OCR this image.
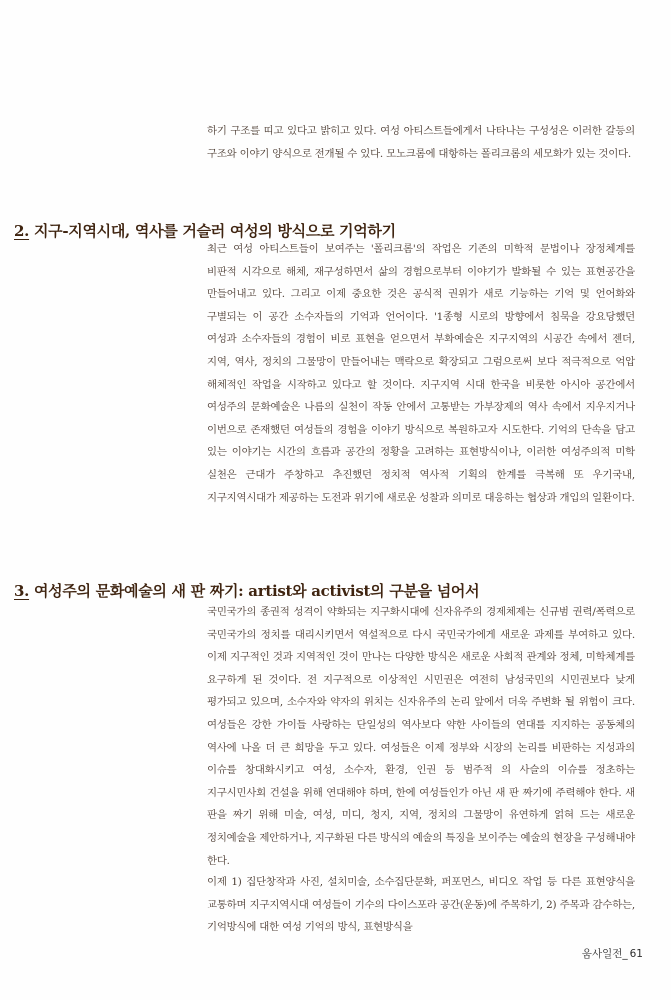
하기 구조를 띠고 있다고 밝히고 있다. 여성 아티스트들에게서 나타나는 구성성은 이러한 갈등의 구조와 이야기 양식으로 전개될 수 있다. 모노크롬에 대항하는 폴리크롬의 세모화가 있는 것이다.
2. 지구-지역시대, 역사를 거슬러 여성의 방식으로 기억하기
최근 여성 아티스트들이 보여주는 '폴리크롬'의 작업은 기존의 미학적 문법이나 장정체계를 비판적 시각으로 해체, 재구성하면서 삶의 경험으로부터 이야기가 발화될 수 있는 표현공간을 만들어내고 있다. 그리고 이제 중요한 것은 공식적 권위가 새로 기능하는 기억 및 언어화와 구별되는 이 공간 소수자들의 기억과 언어이다. '1종형 시로의 방향에서 침묵을 강요당했던 여성과 소수자들의 경험이 비로 표현을 얻으면서 부화예술은 지구지역의 시공간 속에서 젠더, 지역, 역사, 정치의 그물망이 만들어내는 맥락으로 확장되고 그럼으로써 보다 적극적으로 억압 해체적인 작업을 시작하고 있다고 할 것이다. 지구지역 시대 한국을 비롯한 아시아 공간에서 여성주의 문화예술은 나름의 실천이 작동 안에서 고통받는 가부장제의 역사 속에서 지우지거나 이번으로 존재했던 여성들의 경험을 이야기 방식으로 복원하고자 시도한다. 기억의 단속을 담고 있는 이야기는 시간의 흐름과 공간의 정황을 고려하는 표현방식이나, 이러한 여성주의적 미학 실천은 근대가 주창하고 추진했던 정치적 역사적 기획의 한계를 극복해 또 우기국내, 지구지역시대가 제공하는 도전과 위기에 새로운 성찰과 의미로 대응하는 협상과 개입의 일환이다.
3. 여성주의 문화예술의 새 판 짜기: artist와 activist의 구분을 넘어서
국민국가의 종권적 성격이 약화되는 지구화시대에 신자유주의 경제체제는 신규범 권력/폭력으로 국민국가의 정치를 대리시키면서 역설적으로 다시 국민국가에게 새로운 과제를 부여하고 있다. 이제 지구적인 것과 지역적인 것이 만나는 다양한 방식은 새로운 사회적 관계와 정체, 미학체계를 요구하게 된 것이다. 전 지구적으로 이상적인 시민권은 여전히 남성국민의 시민권보다 낮게 평가되고 있으며, 소수자와 약자의 위치는 신자유주의 논리 앞에서 더욱 주변화 될 위험이 크다. 여성들은 강한 가이들 사랑하는 단일성의 역사보다 약한 사이들의 연대를 지지하는 공동체의 역사에 나올 더 큰 희망을 두고 있다. 여성들은 이제 정부와 시장의 논리를 비판하는 지성과의 이슈를 창대화시키고 여성, 소수자, 환경, 인권 등 범주적 의 사슬의 이슈를 정초하는 지구시민사회 건설을 위해 연대해야 하며, 한에 여성들인가 아닌 새 판 짜기에 주력해야 한다. 새 판을 짜기 위해 미술, 여성, 미디, 청지, 지역, 정치의 그물망이 유연하게 얽혀 드는 새로운 정치예술을 제안하거나, 지구화된 다른 방식의 예술의 특징을 보이주는 예술의 현장을 구성해내야 한다.
이제 1) 집단창작과 사진, 설치미술, 소수집단문화, 퍼포먼스, 비디오 작업 등 다른 표현양식을 교통하며 지구지역시대 여성들이 기수의 다이스포라 공간(운동)에 주목하기, 2) 주목과 감수하는, 기억방식에 대한 여성 기억의 방식, 표현방식을
움사일전_ 61
